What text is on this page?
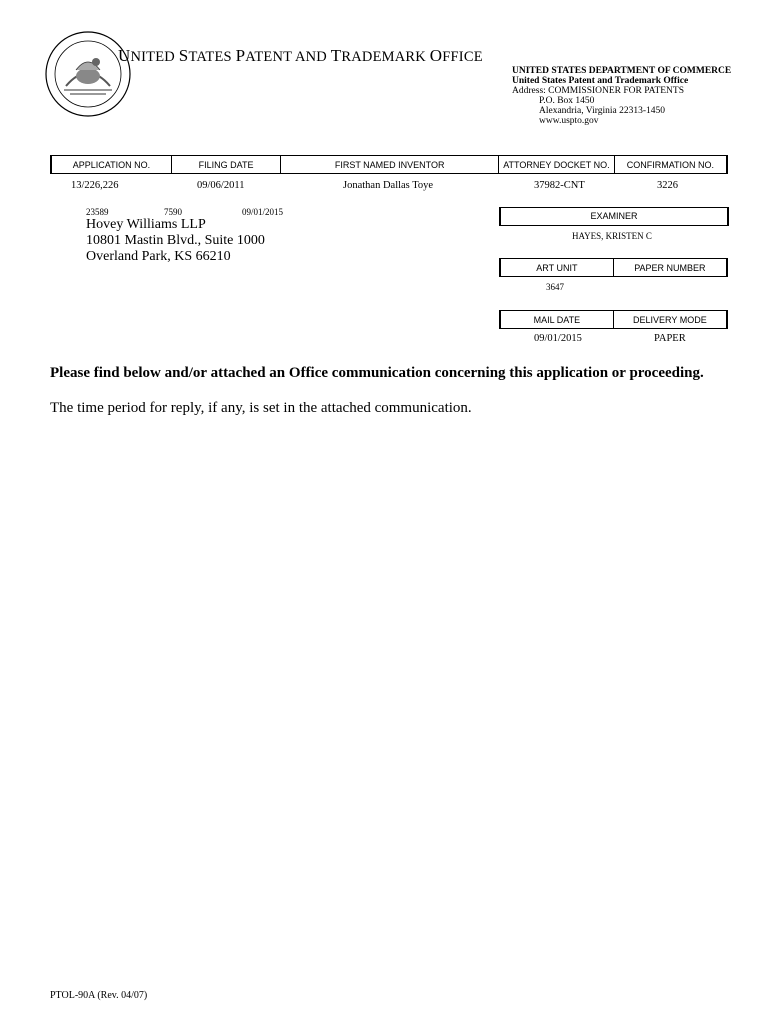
UNITED STATES PATENT AND TRADEMARK OFFICE
UNITED STATES DEPARTMENT OF COMMERCE
United States Patent and Trademark Office
Address: COMMISSIONER FOR PATENTS
P.O. Box 1450
Alexandria, Virginia 22313-1450
www.uspto.gov
APPLICATION NO.	FILING DATE	FIRST NAMED INVENTOR	ATTORNEY DOCKET NO.	CONFIRMATION NO.
13/226,226	09/06/2011	Jonathan Dallas Toye	37982-CNT	3226
23589	7590	09/01/2015
Hovey Williams LLP
10801 Mastin Blvd., Suite 1000
Overland Park, KS 66210
EXAMINER
HAYES, KRISTEN C
ART UNIT	PAPER NUMBER
3647
MAIL DATE	DELIVERY MODE
09/01/2015	PAPER
Please find below and/or attached an Office communication concerning this application or proceeding.
The time period for reply, if any, is set in the attached communication.
PTOL-90A (Rev. 04/07)
